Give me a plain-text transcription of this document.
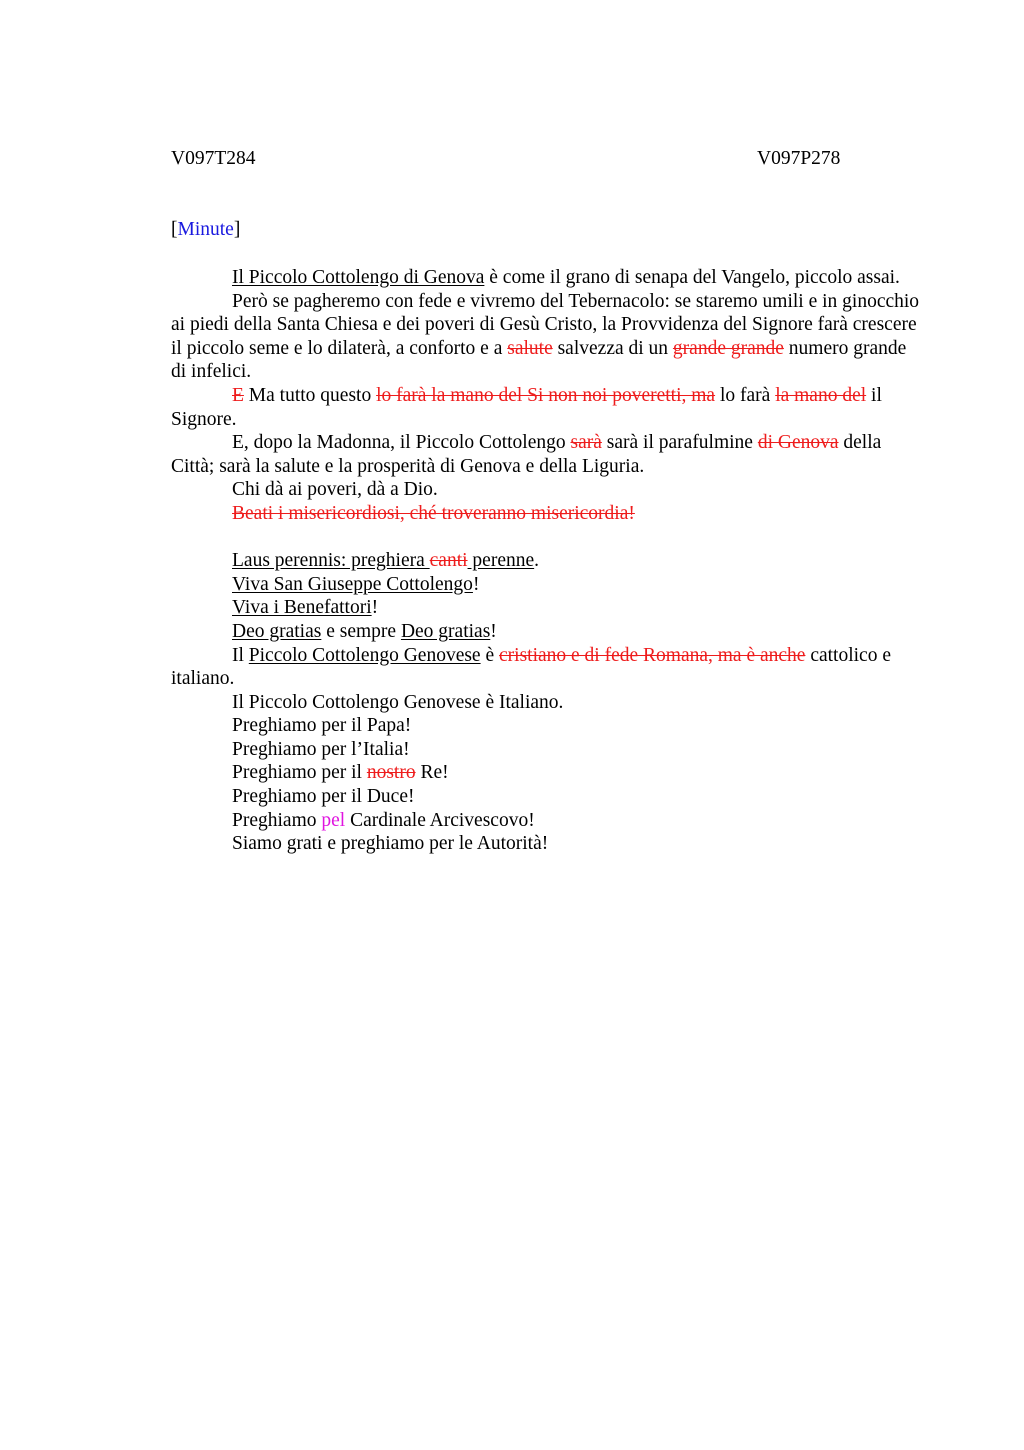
V097T284	V097P278
[Minute]

Il Piccolo Cottolengo di Genova è come il grano di senapa del Vangelo, piccolo assai.

Però se pagheremo con fede e vivremo del Tebernacolo: se staremo umili e in ginocchio ai piedi della Santa Chiesa e dei poveri di Gesù Cristo, la Provvidenza del Signore farà crescere il piccolo seme e lo dilaterà, a conforto e a salute salvezza di un grande grande numero grande di infelici.

E Ma tutto questo lo farà la mano del Si non noi poveretti, ma lo farà la mano del il Signore.

E, dopo la Madonna, il Piccolo Cottolengo sarà sarà il parafulmine di Genova della Città; sarà la salute e la prosperità di Genova e della Liguria.

Chi dà ai poveri, dà a Dio.

Beati i misericordiosi, ché troveranno misericordia!

Laus perennis: preghiera canti perenne.

Viva San Giuseppe Cottolengo!

Viva i Benefattori!

Deo gratias e sempre Deo gratias!

Il Piccolo Cottolengo Genovese è cristiano e di fede Romana, ma è anche cattolico e italiano.

Il Piccolo Cottolengo Genovese è Italiano.

Preghiamo per il Papa!

Preghiamo per l’Italia!

Preghiamo per il nostro Re!

Preghiamo per il Duce!

Preghiamo pel Cardinale Arcivescovo!

Siamo grati e preghiamo per le Autorità!
